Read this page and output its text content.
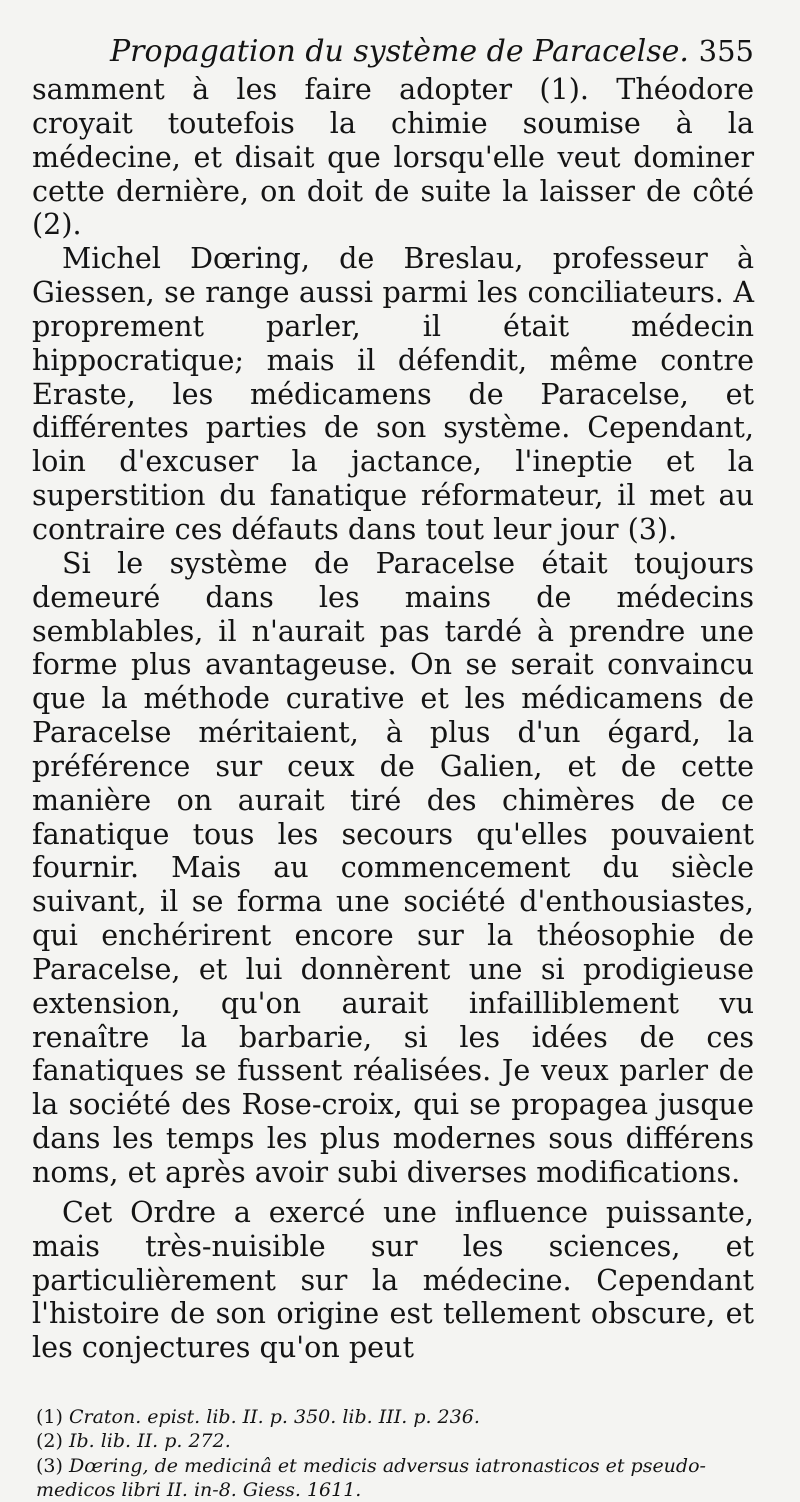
Propagation du système de Paracelse. 355

samment à les faire adopter (1). Théodore croyait toutefois la chimie soumise à la médecine, et disait que lorsqu'elle veut dominer cette dernière, on doit de suite la laisser de côté (2).

Michel Dœring, de Breslau, professeur à Giessen, se range aussi parmi les conciliateurs. A proprement parler, il était médecin hippocratique; mais il défendit, même contre Eraste, les médicamens de Paracelse, et différentes parties de son système. Cependant, loin d'excuser la jactance, l'ineptie et la superstition du fanatique réformateur, il met au contraire ces défauts dans tout leur jour (3).

Si le système de Paracelse était toujours demeuré dans les mains de médecins semblables, il n'aurait pas tardé à prendre une forme plus avantageuse. On se serait convaincu que la méthode curative et les médicamens de Paracelse méritaient, à plus d'un égard, la préférence sur ceux de Galien, et de cette manière on aurait tiré des chimères de ce fanatique tous les secours qu'elles pouvaient fournir. Mais au commencement du siècle suivant, il se forma une société d'enthousiastes, qui enchérirent encore sur la théosophie de Paracelse, et lui donnèrent une si prodigieuse extension, qu'on aurait infailliblement vu renaître la barbarie, si les idées de ces fanatiques se fussent réalisées. Je veux parler de la société des Rose-croix, qui se propagea jusque dans les temps les plus modernes sous différens noms, et après avoir subi diverses modifications.

Cet Ordre a exercé une influence puissante, mais très-nuisible sur les sciences, et particulièrement sur la médecine. Cependant l'histoire de son origine est tellement obscure, et les conjectures qu'on peut

(1) Craton. epist. lib. II. p. 350. lib. III. p. 236.

(2) Ib. lib. II. p. 272.

(3) Dœring, de medicinâ et medicis adversus iatronasticos et pseudo-medicos libri II. in-8. Giess. 1611.
